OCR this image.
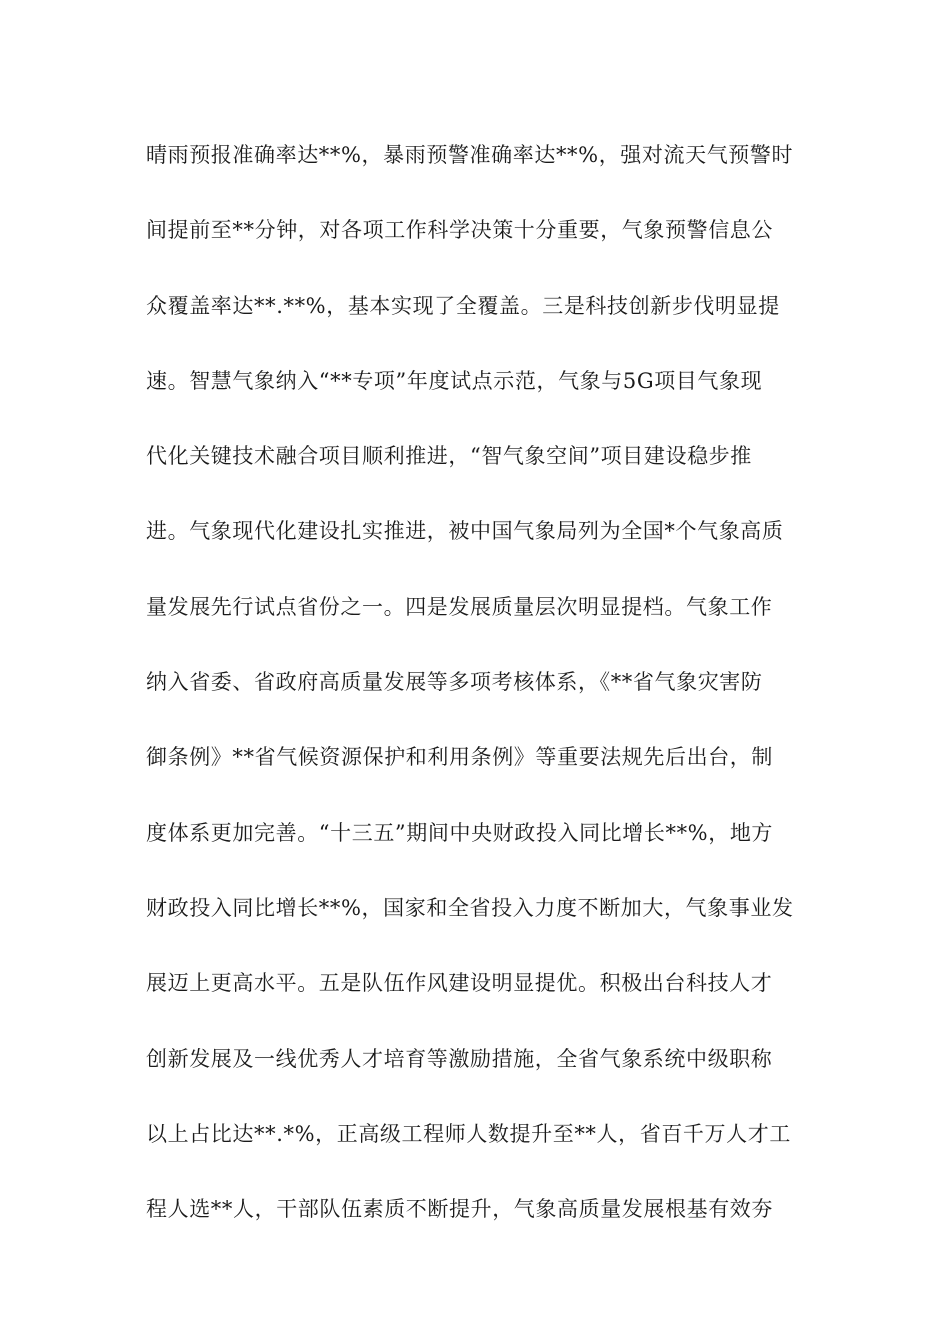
晴雨预报准确率达**%，暴雨预警准确率达**%，强对流天气预警时
间提前至**分钟，对各项工作科学决策十分重要，气象预警信息公
众覆盖率达**.**%，基本实现了全覆盖。三是科技创新步伐明显提
速。智慧气象纳入“**专项”年度试点示范，气象与5G项目气象现
代化关键技术融合项目顺利推进，“智气象空间”项目建设稳步推
进。气象现代化建设扎实推进，被中国气象局列为全国*个气象高质
量发展先行试点省份之一。四是发展质量层次明显提档。气象工作
纳入省委、省政府高质量发展等多项考核体系，《**省气象灾害防
御条例》**省气候资源保护和利用条例》等重要法规先后出台，制
度体系更加完善。“十三五”期间中央财政投入同比增长**%，地方
财政投入同比增长**%，国家和全省投入力度不断加大，气象事业发
展迈上更高水平。五是队伍作风建设明显提优。积极出台科技人才
创新发展及一线优秀人才培育等激励措施，全省气象系统中级职称
以上占比达**.*%，正高级工程师人数提升至**人，省百千万人才工
程人选**人，干部队伍素质不断提升，气象高质量发展根基有效夯
